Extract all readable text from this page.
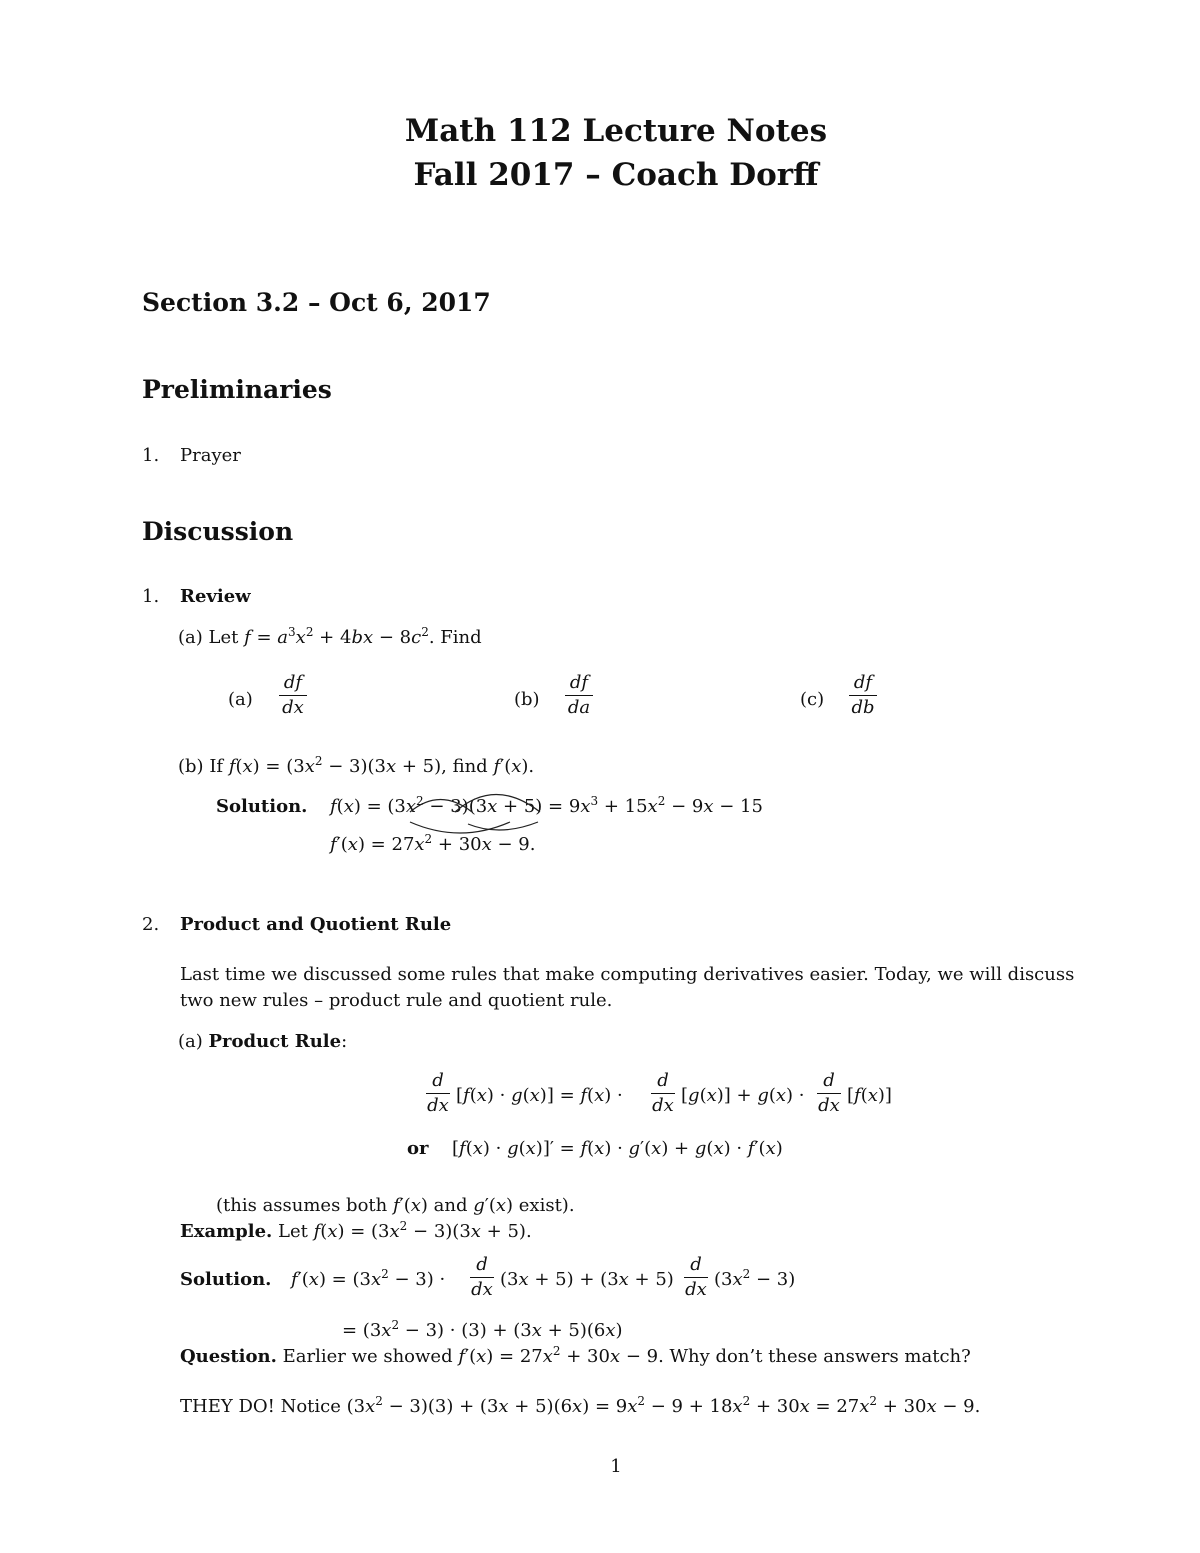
Math 112 Lecture Notes
Fall 2017 – Coach Dorff
Section 3.2 – Oct 6, 2017
Preliminaries
1. Prayer
Discussion
1. Review
(a) Let $f = a^3x^2 + 4bx - 8c^2$. Find
(a)
df
dx	(b)
df
da	(c)
df
db
(b) If $f(x) = (3x^2 - 3)(3x + 5)$, find f′(x).
Solution. $f(x) = (3x^2 - 3)(3x + 5) = 9x^3 + 15x^2 - 9x - 15$
$f'(x) = 27x^2 + 30x - 9$.
2. Product and Quotient Rule
Last time we discussed some rules that make computing derivatives easier. Today, we will discuss
two new rules – product rule and quotient rule.
(a) Product Rule:
d
dx [f(x) · g(x)] = f(x) ·
d
dx [g(x)] + g(x) ·
d
dx [f(x)]
or [f(x) · g(x)]′ = f(x) · g′(x) + g(x) · f′(x)
(this assumes both f′(x) and g′(x) exist).
Example. Let $f(x) = (3x^2 - 3)(3x + 5)$.
Solution. $f'(x) = (3x^2 - 3)$ ·
d
dx (3x + 5) + (3x + 5)
d
dx $(3x^2 - 3)$
= $(3x^2 - 3) \cdot (3) + (3x + 5)(6x)$
Question. Earlier we showed $f'(x) = 27x^2 + 30x - 9$. Why don’t these answers match?
THEY DO! Notice $(3x^2 - 3)(3) + (3x + 5)(6x) = 9x^2 - 9 + 18x^2 + 30x = 27x^2 + 30x - 9$.
1
